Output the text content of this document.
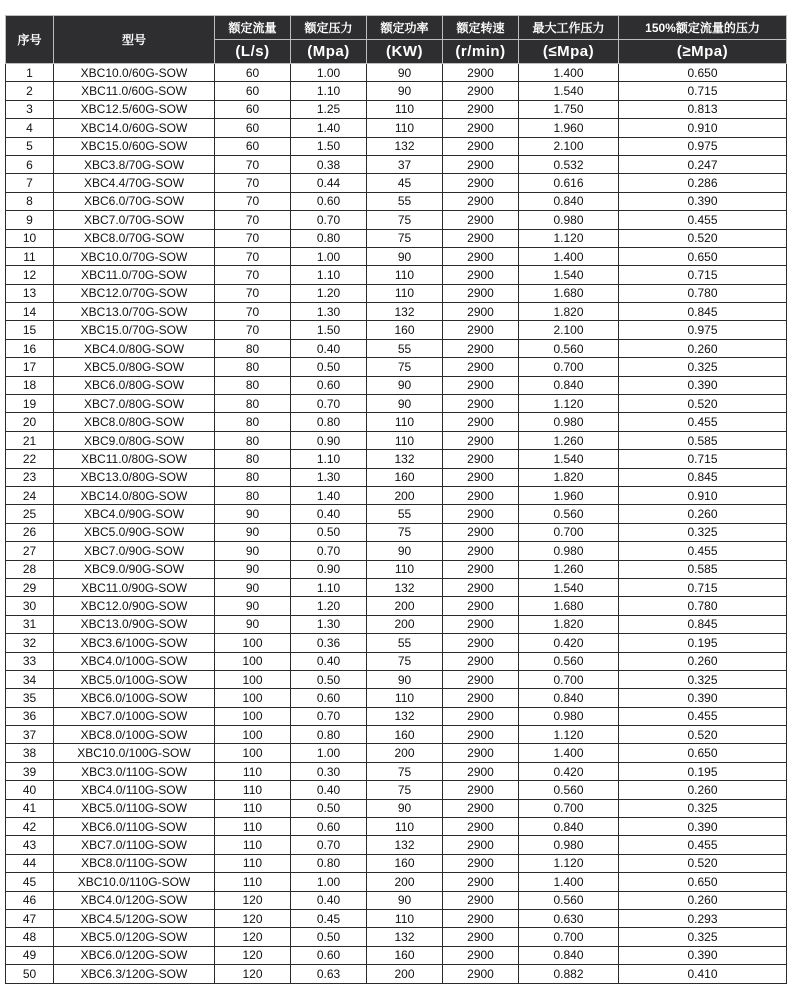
序号	型号	额定流量	额定压力	额定功率	额定转速	最大工作压力	150%额定流量的压力
		(L/s)	(Mpa)	(KW)	(r/min)	(≤Mpa)	(≥Mpa)
1	XBC10.0/60G-SOW	60	1.00	90	2900	1.400	0.650
2	XBC11.0/60G-SOW	60	1.10	90	2900	1.540	0.715
3	XBC12.5/60G-SOW	60	1.25	110	2900	1.750	0.813
4	XBC14.0/60G-SOW	60	1.40	110	2900	1.960	0.910
5	XBC15.0/60G-SOW	60	1.50	132	2900	2.100	0.975
6	XBC3.8/70G-SOW	70	0.38	37	2900	0.532	0.247
7	XBC4.4/70G-SOW	70	0.44	45	2900	0.616	0.286
8	XBC6.0/70G-SOW	70	0.60	55	2900	0.840	0.390
9	XBC7.0/70G-SOW	70	0.70	75	2900	0.980	0.455
10	XBC8.0/70G-SOW	70	0.80	75	2900	1.120	0.520
11	XBC10.0/70G-SOW	70	1.00	90	2900	1.400	0.650
12	XBC11.0/70G-SOW	70	1.10	110	2900	1.540	0.715
13	XBC12.0/70G-SOW	70	1.20	110	2900	1.680	0.780
14	XBC13.0/70G-SOW	70	1.30	132	2900	1.820	0.845
15	XBC15.0/70G-SOW	70	1.50	160	2900	2.100	0.975
16	XBC4.0/80G-SOW	80	0.40	55	2900	0.560	0.260
17	XBC5.0/80G-SOW	80	0.50	75	2900	0.700	0.325
18	XBC6.0/80G-SOW	80	0.60	90	2900	0.840	0.390
19	XBC7.0/80G-SOW	80	0.70	90	2900	1.120	0.520
20	XBC8.0/80G-SOW	80	0.80	110	2900	0.980	0.455
21	XBC9.0/80G-SOW	80	0.90	110	2900	1.260	0.585
22	XBC11.0/80G-SOW	80	1.10	132	2900	1.540	0.715
23	XBC13.0/80G-SOW	80	1.30	160	2900	1.820	0.845
24	XBC14.0/80G-SOW	80	1.40	200	2900	1.960	0.910
25	XBC4.0/90G-SOW	90	0.40	55	2900	0.560	0.260
26	XBC5.0/90G-SOW	90	0.50	75	2900	0.700	0.325
27	XBC7.0/90G-SOW	90	0.70	90	2900	0.980	0.455
28	XBC9.0/90G-SOW	90	0.90	110	2900	1.260	0.585
29	XBC11.0/90G-SOW	90	1.10	132	2900	1.540	0.715
30	XBC12.0/90G-SOW	90	1.20	200	2900	1.680	0.780
31	XBC13.0/90G-SOW	90	1.30	200	2900	1.820	0.845
32	XBC3.6/100G-SOW	100	0.36	55	2900	0.420	0.195
33	XBC4.0/100G-SOW	100	0.40	75	2900	0.560	0.260
34	XBC5.0/100G-SOW	100	0.50	90	2900	0.700	0.325
35	XBC6.0/100G-SOW	100	0.60	110	2900	0.840	0.390
36	XBC7.0/100G-SOW	100	0.70	132	2900	0.980	0.455
37	XBC8.0/100G-SOW	100	0.80	160	2900	1.120	0.520
38	XBC10.0/100G-SOW	100	1.00	200	2900	1.400	0.650
39	XBC3.0/110G-SOW	110	0.30	75	2900	0.420	0.195
40	XBC4.0/110G-SOW	110	0.40	75	2900	0.560	0.260
41	XBC5.0/110G-SOW	110	0.50	90	2900	0.700	0.325
42	XBC6.0/110G-SOW	110	0.60	110	2900	0.840	0.390
43	XBC7.0/110G-SOW	110	0.70	132	2900	0.980	0.455
44	XBC8.0/110G-SOW	110	0.80	160	2900	1.120	0.520
45	XBC10.0/110G-SOW	110	1.00	200	2900	1.400	0.650
46	XBC4.0/120G-SOW	120	0.40	90	2900	0.560	0.260
47	XBC4.5/120G-SOW	120	0.45	110	2900	0.630	0.293
48	XBC5.0/120G-SOW	120	0.50	132	2900	0.700	0.325
49	XBC6.0/120G-SOW	120	0.60	160	2900	0.840	0.390
50	XBC6.3/120G-SOW	120	0.63	200	2900	0.882	0.410
